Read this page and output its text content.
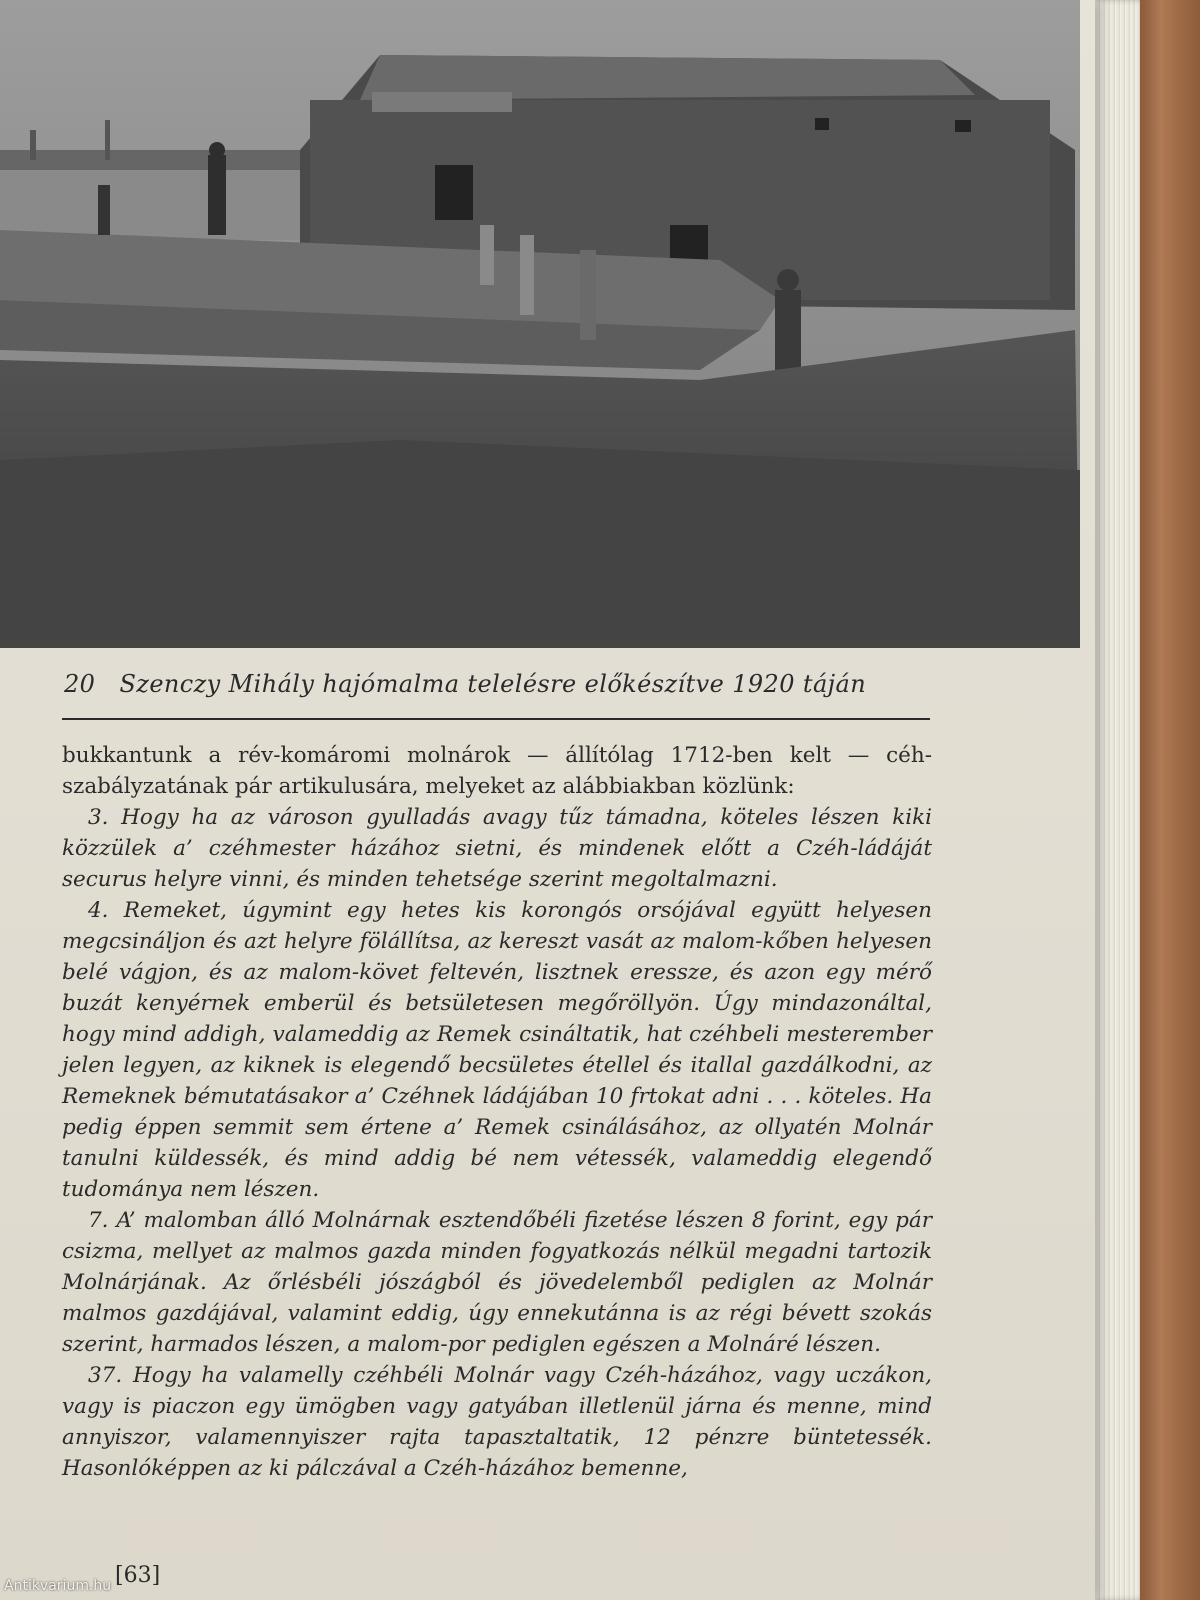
20 Szenczy Mihály hajómalma telelésre előkészítve 1920 táján

bukkantunk a rév-komáromi molnárok — állítólag 1712-ben kelt — céh-szabályzatának pár artikulusára, melyeket az alábbiakban közlünk:

3. Hogy ha az városon gyulladás avagy tűz támadna, köteles lészen kiki közzülek a’ czéhmester házához sietni, és mindenek előtt a Czéh-ládáját securus helyre vinni, és minden tehetsége szerint megoltalmazni.

4. Remeket, úgymint egy hetes kis korongós orsójával együtt helyesen megcsináljon és azt helyre fölállítsa, az kereszt vasát az malom-kőben helyesen belé vágjon, és az malom-követ feltevén, lisztnek eressze, és azon egy mérő buzát kenyérnek emberül és betsületesen megőröllyön. Úgy mindazonáltal, hogy mind addigh, valameddig az Remek csináltatik, hat czéhbeli mesterember jelen legyen, az kiknek is elegendő becsületes étellel és itallal gazdálkodni, az Remeknek bémutatásakor a’ Czéhnek ládájában 10 frtokat adni . . . köteles. Ha pedig éppen semmit sem értene a’ Remek csinálásához, az ollyatén Molnár tanulni küldessék, és mind addig bé nem vétessék, valameddig elegendő tudománya nem lészen.

7. A’ malomban álló Molnárnak esztendőbéli fizetése lészen 8 forint, egy pár csizma, mellyet az malmos gazda minden fogyatkozás nélkül megadni tartozik Molnárjának. Az őrlésbéli jószágból és jövedelemből pediglen az Molnár malmos gazdájával, valamint eddig, úgy ennekutánna is az régi bévett szokás szerint, harmados lészen, a malom-por pediglen egészen a Molnáré lészen.

37. Hogy ha valamelly czéhbéli Molnár vagy Czéh-házához, vagy uczákon, vagy is piaczon egy ümögben vagy gatyában illetlenül járna és menne, mind annyiszor, valamennyiszer rajta tapasztaltatik, 12 pénzre büntetessék. Hasonlóképpen az ki pálczával a Czéh-házához bemenne,

[63]
Antikvarium.hu
